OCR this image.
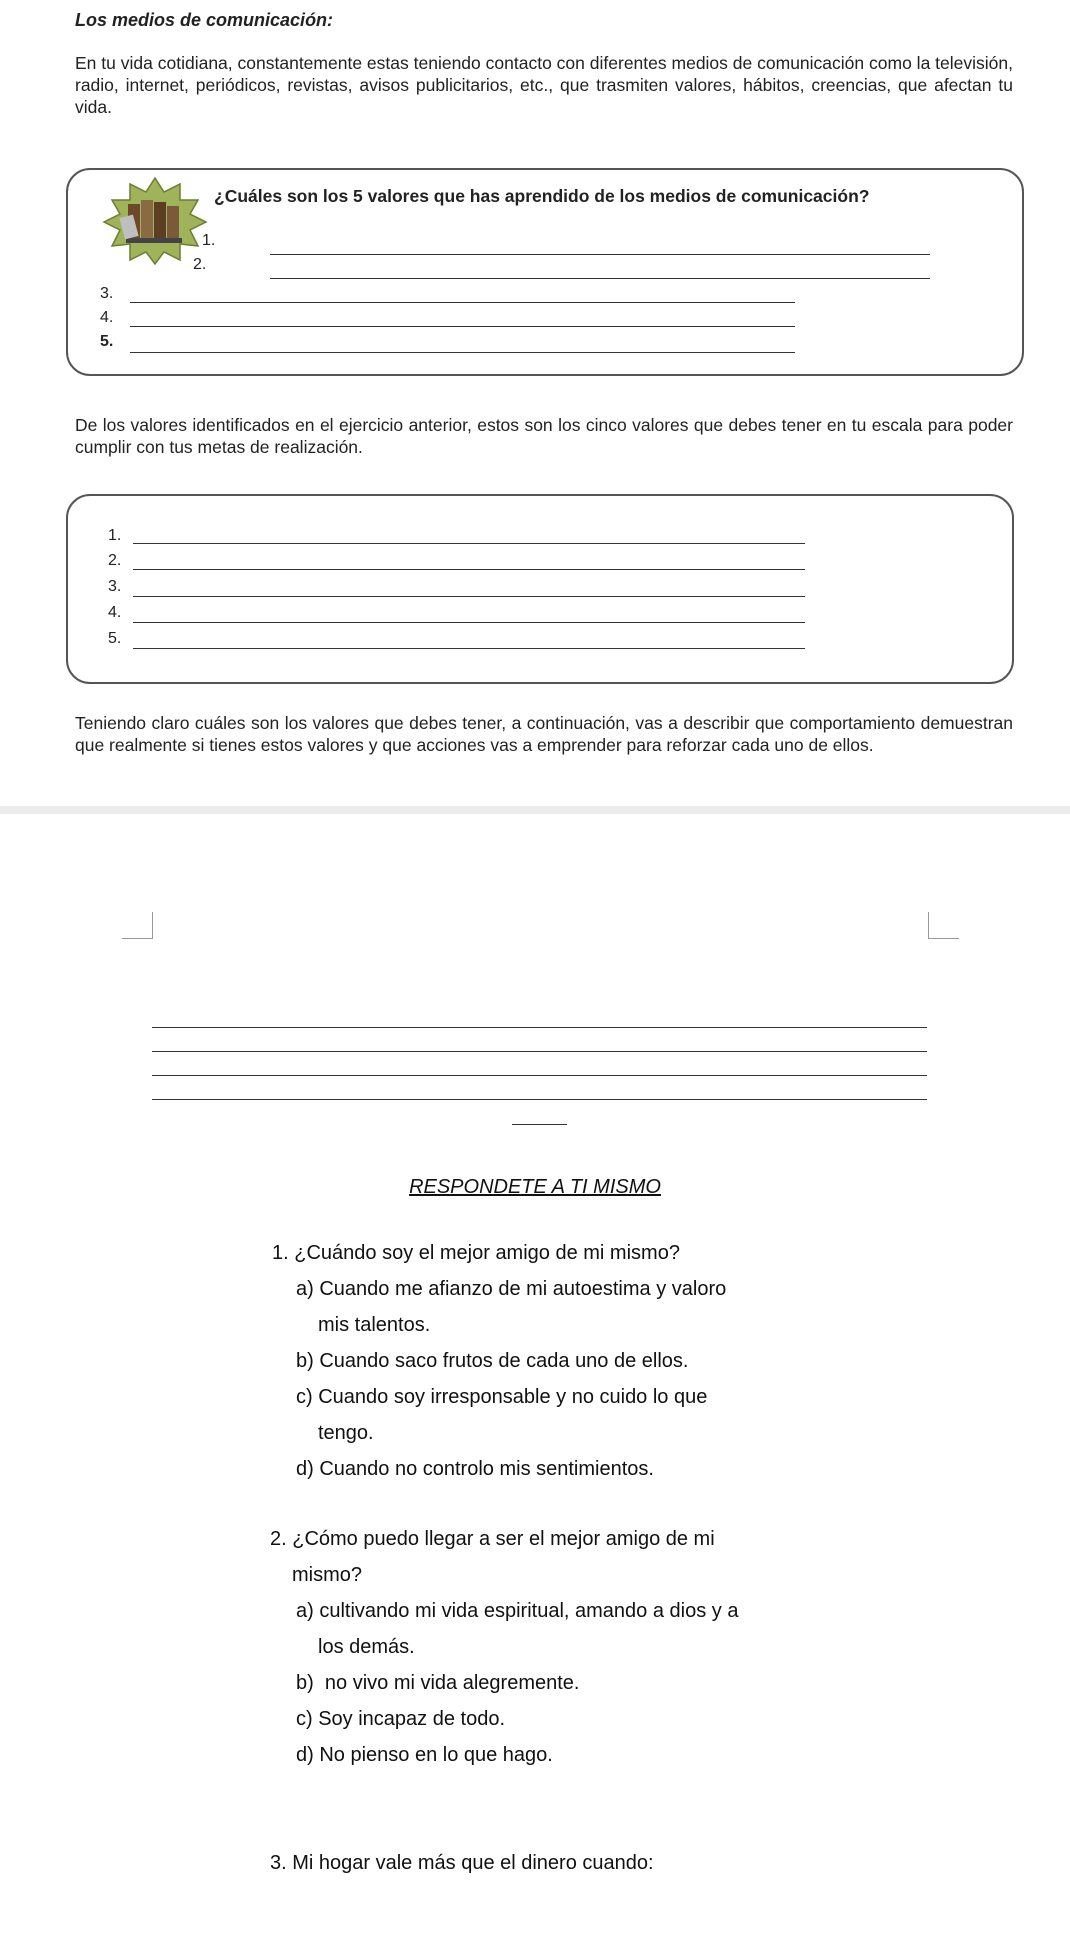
Los medios de comunicación:
En tu vida cotidiana, constantemente estas teniendo contacto con diferentes medios de comunicación como la televisión, radio, internet, periódicos, revistas, avisos publicitarios, etc., que trasmiten valores, hábitos, creencias, que afectan tu vida.
¿Cuáles son los 5 valores que has aprendido de los medios de comunicación?
1.
2.
3.
4.
5.
De los valores identificados en el ejercicio anterior, estos son los cinco valores que debes tener en tu escala para poder cumplir con tus metas de realización.
1.
2.
3.
4.
5.
Teniendo claro cuáles son los valores que debes tener, a continuación, vas a describir que comportamiento demuestran que realmente si tienes estos valores y que acciones vas a emprender para reforzar cada uno de ellos.
RESPONDETE A TI MISMO
1. ¿Cuándo soy el mejor amigo de mi mismo?
a) Cuando me afianzo de mi autoestima y valoro
mis talentos.
b) Cuando saco frutos de cada uno de ellos.
c) Cuando soy irresponsable y no cuido lo que
tengo.
d) Cuando no controlo mis sentimientos.
2. ¿Cómo puedo llegar a ser el mejor amigo de mi
mismo?
a) cultivando mi vida espiritual, amando a dios y a
los demás.
b)  no vivo mi vida alegremente.
c) Soy incapaz de todo.
d) No pienso en lo que hago.
3. Mi hogar vale más que el dinero cuando:
